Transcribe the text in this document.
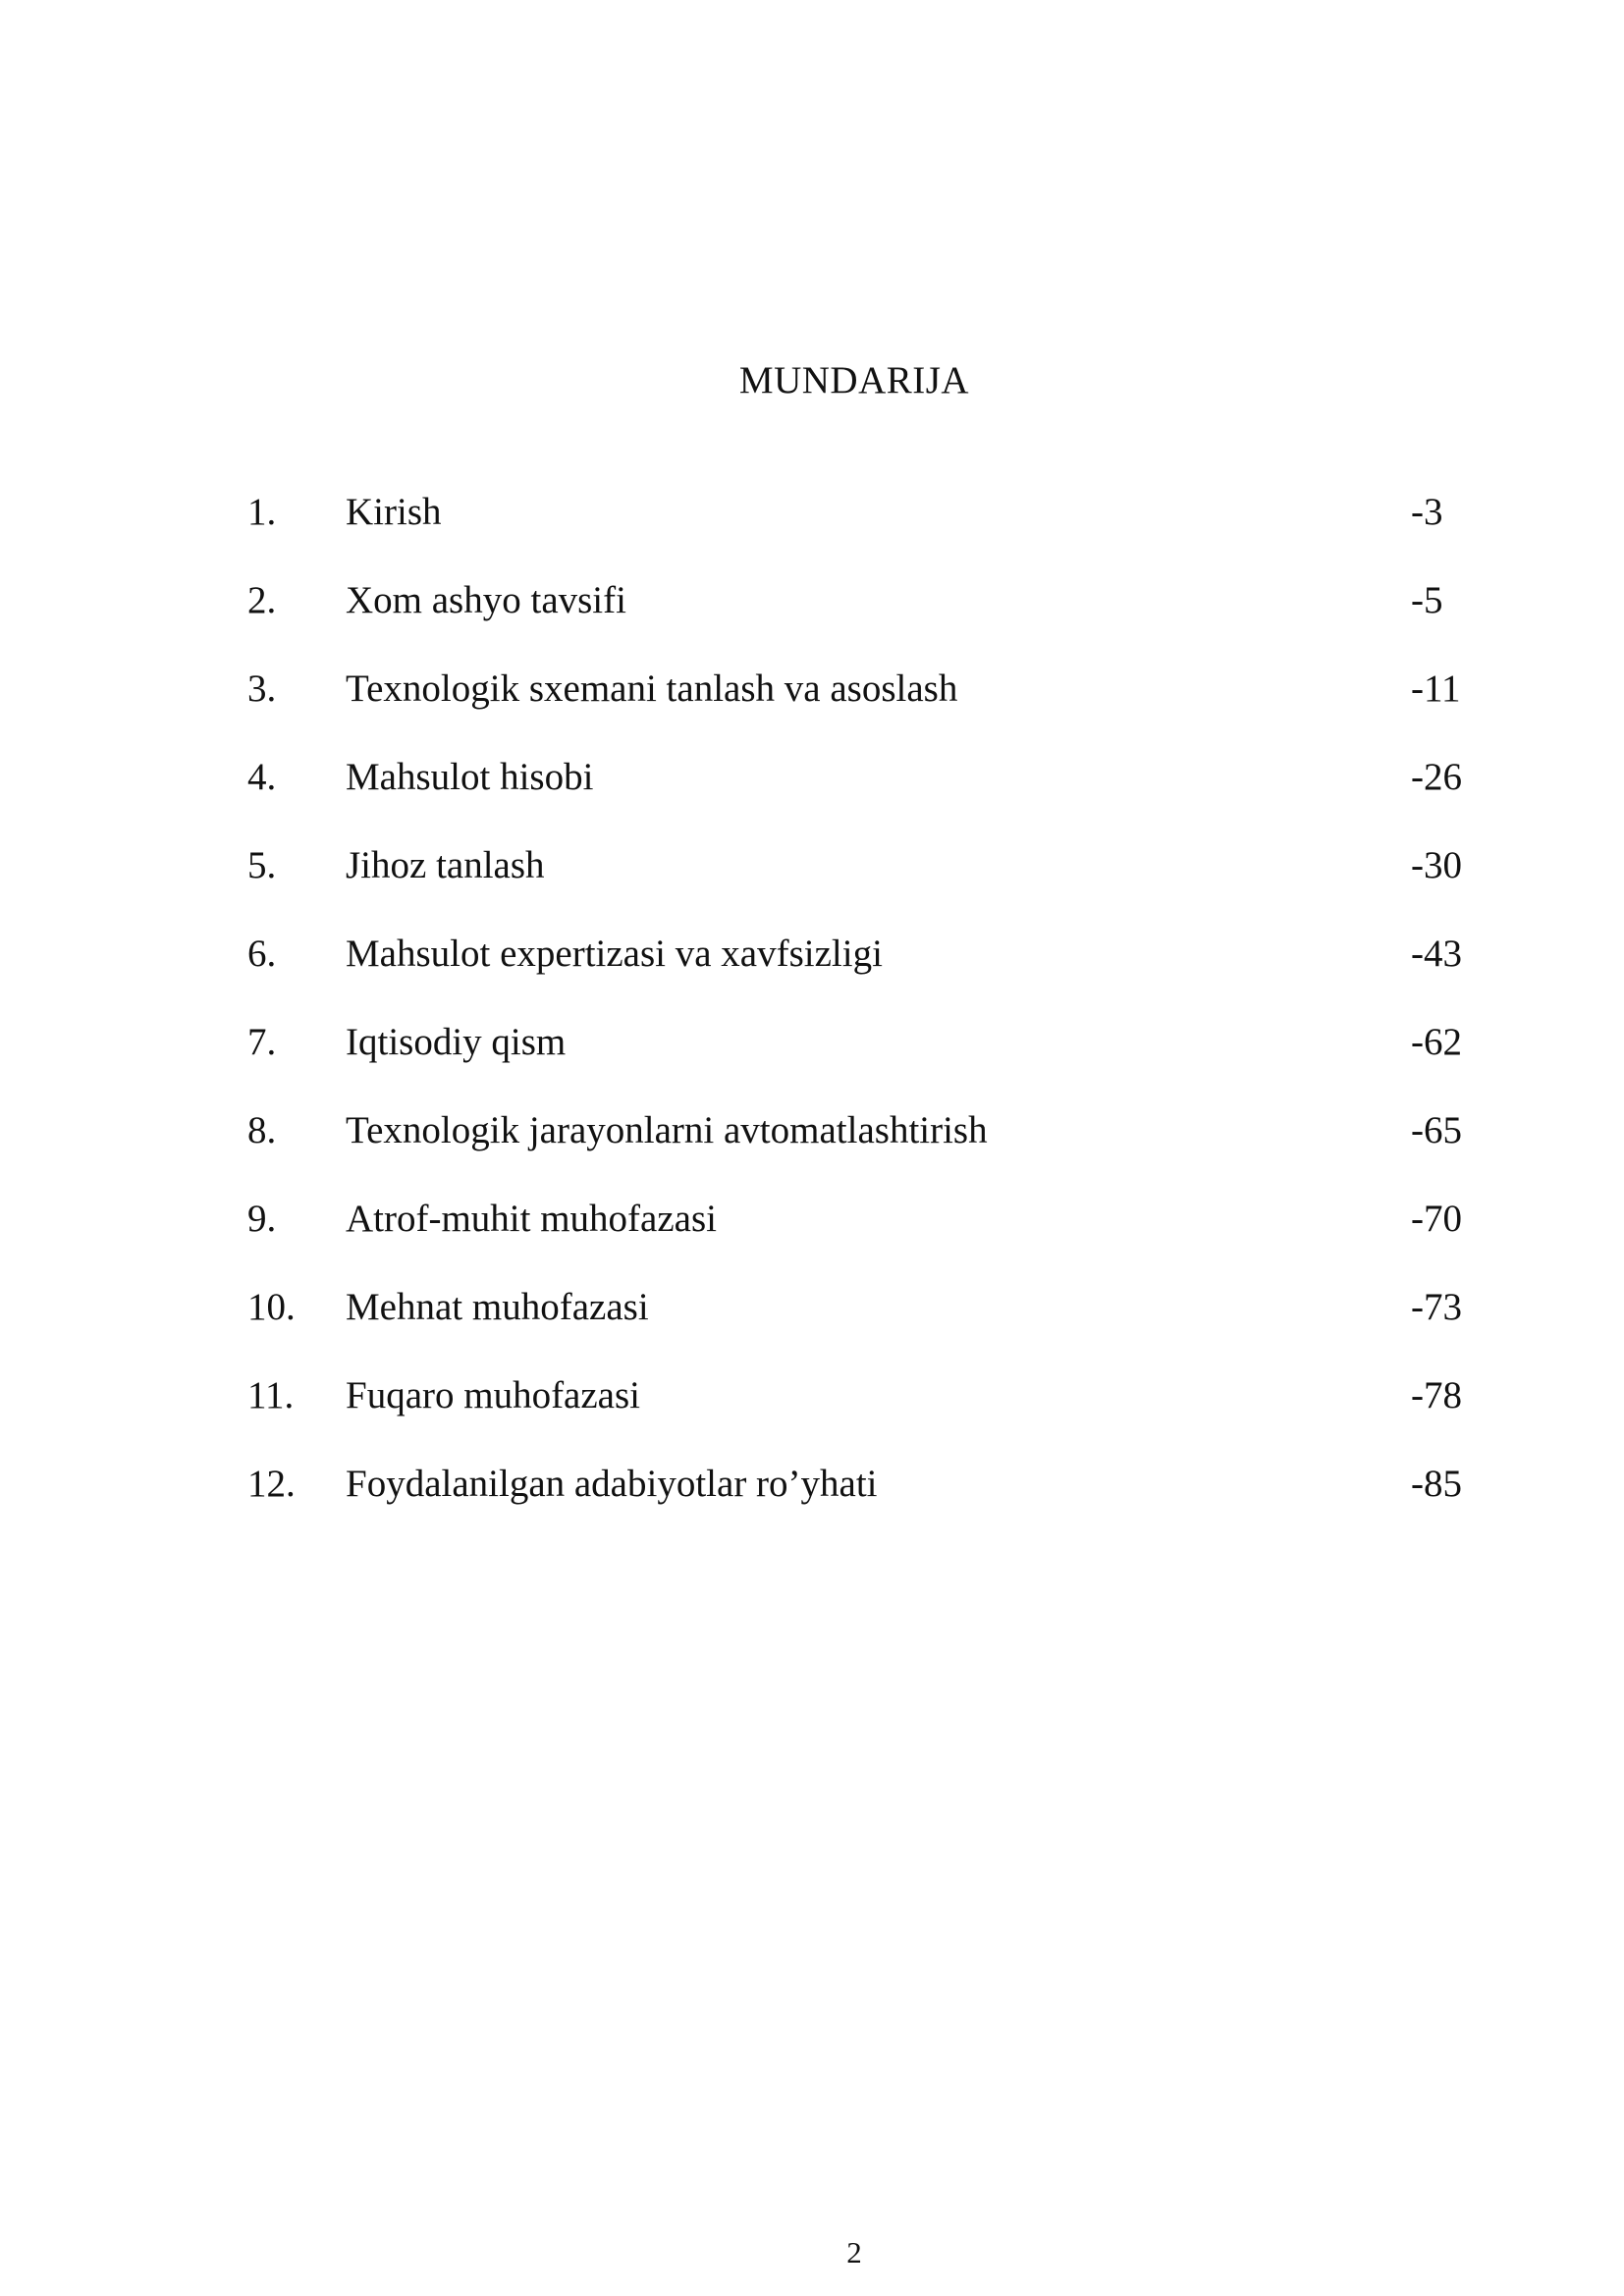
MUNDARIJA
1. Kirish	-3
2. Xom ashyo tavsifi	-5
3. Texnologik sxemani tanlash va asoslash	-11
4. Mahsulot hisobi	-26
5. Jihoz tanlash	-30
6. Mahsulot expertizasi va xavfsizligi	-43
7. Iqtisodiy qism	-62
8. Texnologik jarayonlarni avtomatlashtirish	-65
9. Atrof-muhit muhofazasi	-70
10. Mehnat muhofazasi	-73
11. Fuqaro muhofazasi	-78
12. Foydalanilgan adabiyotlar ro’yhati	-85
2
